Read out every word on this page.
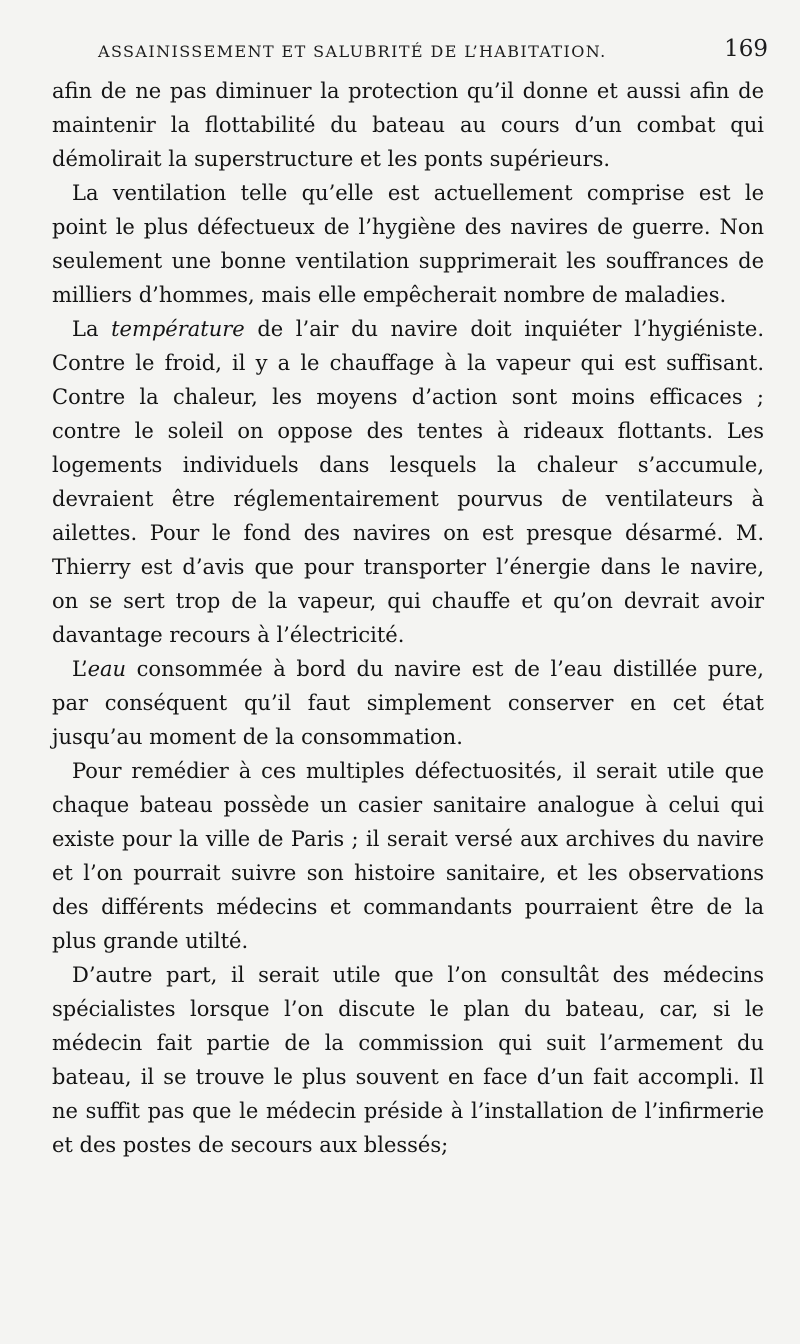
ASSAINISSEMENT ET SALUBRITÉ DE L’HABITATION.	169

afin de ne pas diminuer la protection qu’il donne et aussi afin de maintenir la flottabilité du bateau au cours d’un combat qui démolirait la superstructure et les ponts supérieurs.

La ventilation telle qu’elle est actuellement comprise est le point le plus défectueux de l’hygiène des navires de guerre. Non seulement une bonne ventilation supprimerait les souffrances de milliers d’hommes, mais elle empêcherait nombre de maladies.

La température de l’air du navire doit inquiéter l’hygiéniste. Contre le froid, il y a le chauffage à la vapeur qui est suffisant. Contre la chaleur, les moyens d’action sont moins efficaces ; contre le soleil on oppose des tentes à rideaux flottants. Les logements individuels dans lesquels la chaleur s’accumule, devraient être réglementairement pourvus de ventilateurs à ailettes. Pour le fond des navires on est presque désarmé. M. Thierry est d’avis que pour transporter l’énergie dans le navire, on se sert trop de la vapeur, qui chauffe et qu’on devrait avoir davantage recours à l’électricité.

L’eau consommée à bord du navire est de l’eau distillée pure, par conséquent qu’il faut simplement conserver en cet état jusqu’au moment de la consommation.

Pour remédier à ces multiples défectuosités, il serait utile que chaque bateau possède un casier sanitaire analogue à celui qui existe pour la ville de Paris ; il serait versé aux archives du navire et l’on pourrait suivre son histoire sanitaire, et les observations des différents médecins et commandants pourraient être de la plus grande utilté.

D’autre part, il serait utile que l’on consultât des médecins spécialistes lorsque l’on discute le plan du bateau, car, si le médecin fait partie de la commission qui suit l’armement du bateau, il se trouve le plus souvent en face d’un fait accompli. Il ne suffit pas que le médecin préside à l’installation de l’infirmerie et des postes de secours aux blessés;
